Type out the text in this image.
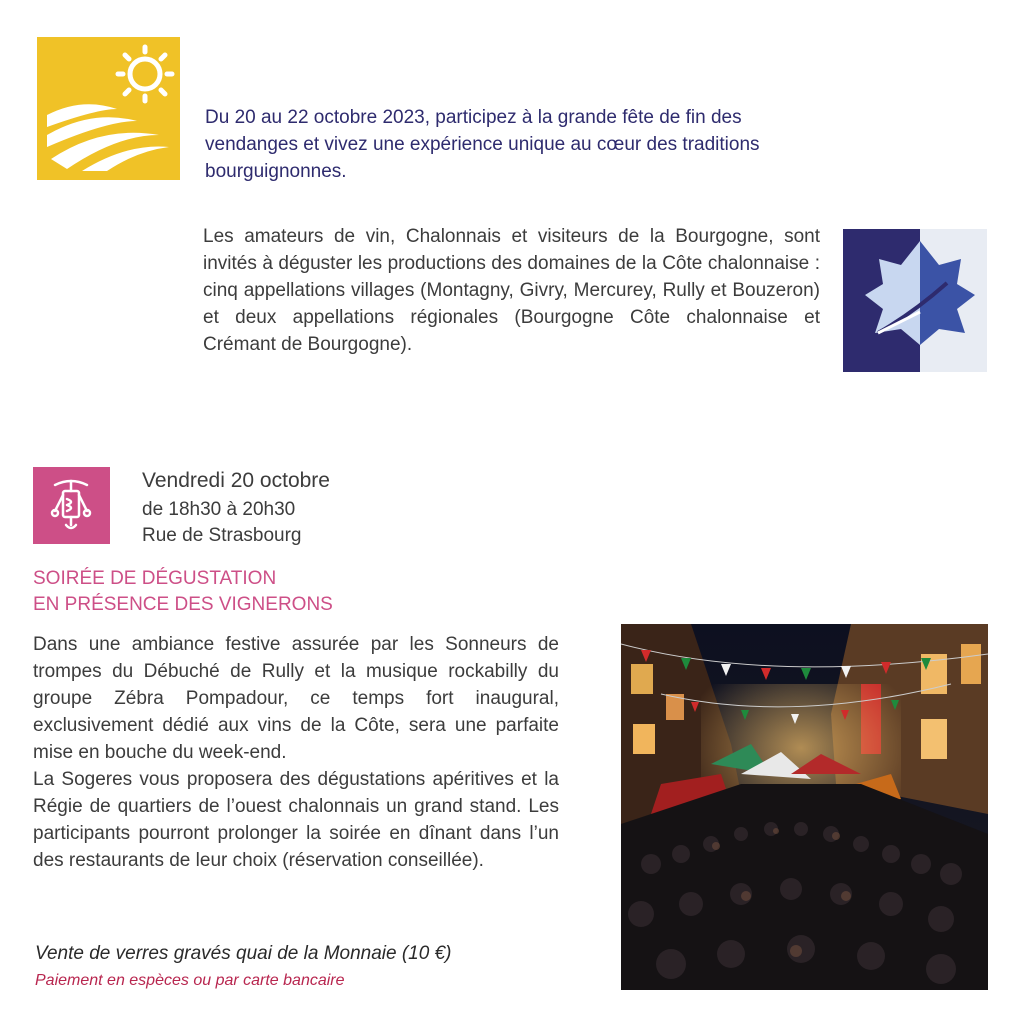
Du 20 au 22 octobre 2023, participez à la grande fête de fin des vendanges et vivez une expérience unique au cœur des traditions bourguignonnes.
Les amateurs de vin, Chalonnais et visiteurs de la Bourgogne, sont invités à déguster les productions des domaines de la Côte chalonnaise : cinq appellations villages (Montagny, Givry, Mercurey, Rully et Bouzeron) et deux appellations régionales (Bourgogne Côte chalonnaise et Crémant de Bourgogne).
Vendredi 20 octobre
de 18h30 à 20h30
Rue de Strasbourg
SOIRÉE DE DÉGUSTATION
EN PRÉSENCE DES VIGNERONS

Dans une ambiance festive assurée par les Sonneurs de trompes du Débuché de Rully et la musique rockabilly du groupe Zébra Pompadour, ce temps fort inaugural, exclusivement dédié aux vins de la Côte, sera une parfaite mise en bouche du week-end.

La Sogeres vous proposera des dégustations apéritives et la Régie de quartiers de l’ouest chalonnais un grand stand. Les participants pourront prolonger la soirée en dînant dans l’un des restaurants de leur choix (réservation conseillée).

Vente de verres gravés quai de la Monnaie (10 €)
Paiement en espèces ou par carte bancaire
